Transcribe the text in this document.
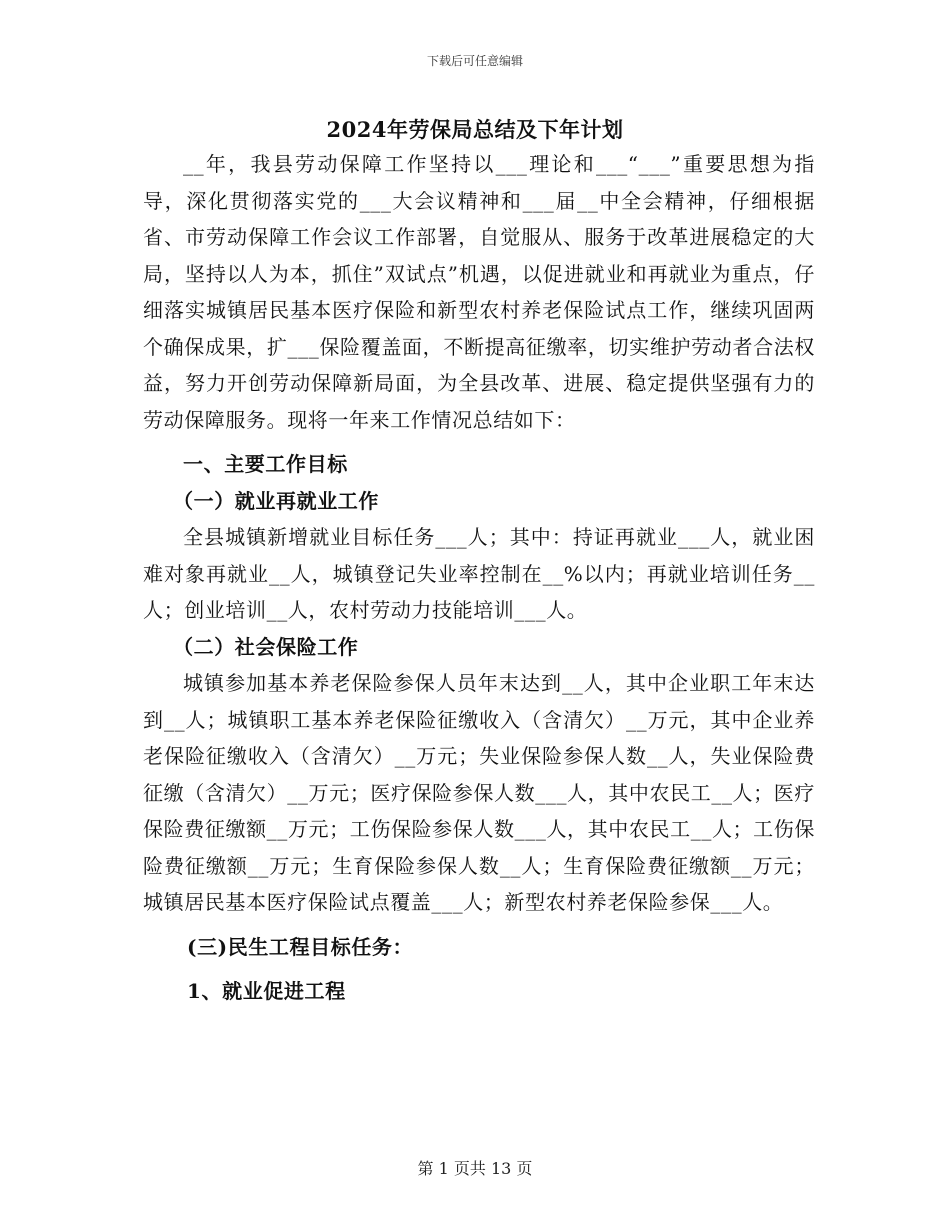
下载后可任意编辑
2024年劳保局总结及下年计划

__年，我县劳动保障工作坚持以___理论和___“___”重要思想为指导，深化贯彻落实党的___大会议精神和___届__中全会精神，仔细根据省、市劳动保障工作会议工作部署，自觉服从、服务于改革进展稳定的大局，坚持以人为本，抓住”双试点”机遇，以促进就业和再就业为重点，仔细落实城镇居民基本医疗保险和新型农村养老保险试点工作，继续巩固两个确保成果，扩___保险覆盖面，不断提高征缴率，切实维护劳动者合法权益，努力开创劳动保障新局面，为全县改革、进展、稳定提供坚强有力的劳动保障服务。现将一年来工作情况总结如下：

一、主要工作目标
（一）就业再就业工作

全县城镇新增就业目标任务___人；其中：持证再就业___人，就业困难对象再就业__人，城镇登记失业率控制在__%以内；再就业培训任务__人；创业培训__人，农村劳动力技能培训___人。

（二）社会保险工作

城镇参加基本养老保险参保人员年末达到__人，其中企业职工年末达到__人；城镇职工基本养老保险征缴收入（含清欠）__万元，其中企业养老保险征缴收入（含清欠）__万元；失业保险参保人数__人，失业保险费征缴（含清欠）__万元；医疗保险参保人数___人，其中农民工__人；医疗保险费征缴额__万元；工伤保险参保人数___人，其中农民工__人；工伤保险费征缴额__万元；生育保险参保人数__人；生育保险费征缴额__万元；城镇居民基本医疗保险试点覆盖___人；新型农村养老保险参保___人。

(三)民生工程目标任务：
1、就业促进工程
第 1 页共 13 页
